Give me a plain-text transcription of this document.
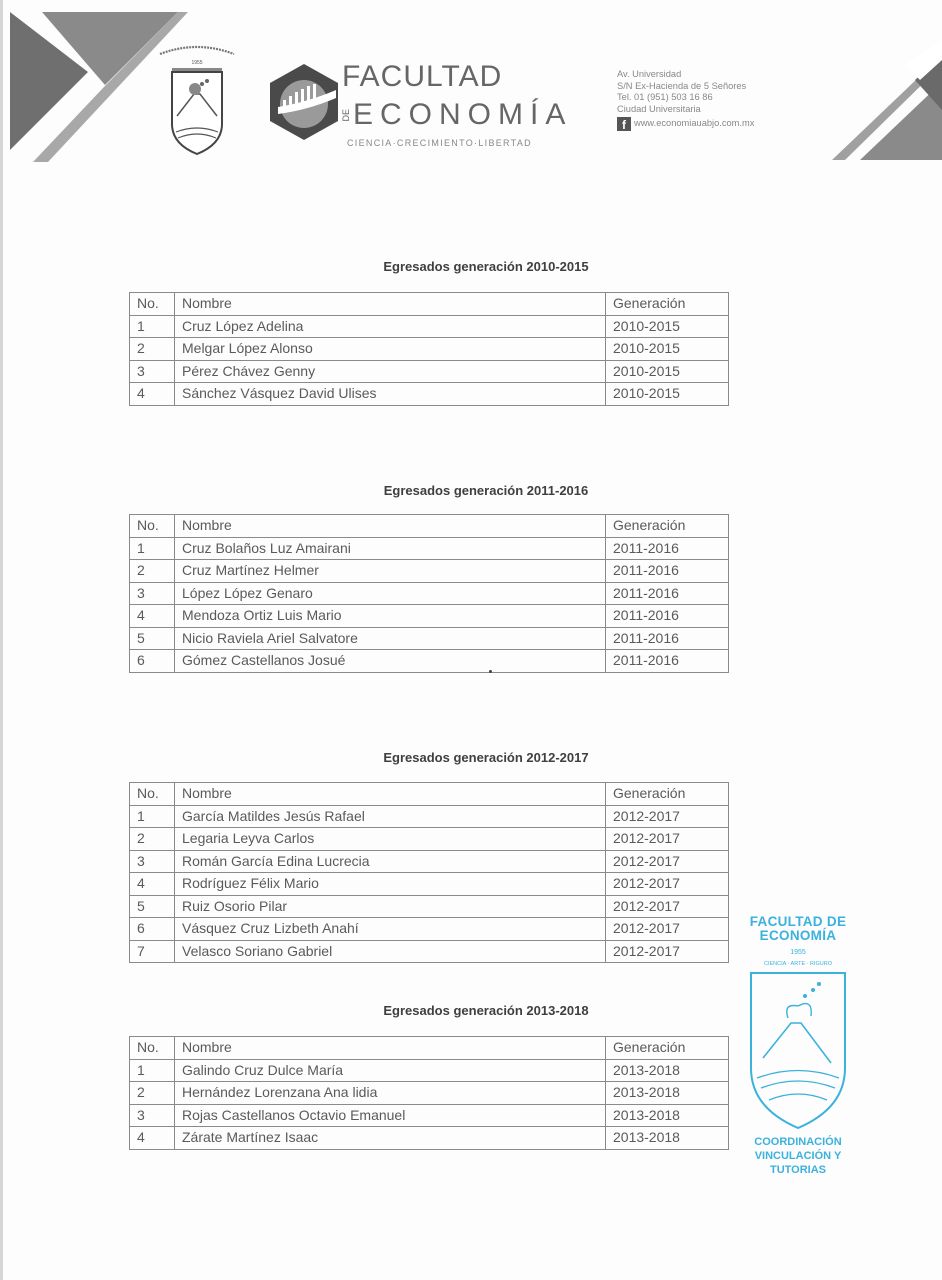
1955	FACULTAD
DE ECONOMÍA
CIENCIA·CRECIMIENTO·LIBERTAD
Av. Universidad
S/N Ex-Hacienda de 5 Señores
Tel. 01 (951) 503 16 86
Ciudad Universitaria
f www.economiauabjo.com.mx
Egresados generación 2010-2015
No.	Nombre	Generación
1	Cruz López Adelina	2010-2015
2	Melgar López Alonso	2010-2015
3	Pérez Chávez Genny	2010-2015
4	Sánchez Vásquez David Ulises	2010-2015
Egresados generación 2011-2016
No.	Nombre	Generación
1	Cruz Bolaños Luz Amairani	2011-2016
2	Cruz Martínez Helmer	2011-2016
3	López López Genaro	2011-2016
4	Mendoza Ortiz Luis Mario	2011-2016
5	Nicio Raviela Ariel Salvatore	2011-2016
6	Gómez Castellanos Josué	2011-2016
Egresados generación 2012-2017
No.	Nombre	Generación
1	García Matildes Jesús Rafael	2012-2017
2	Legaria Leyva Carlos	2012-2017
3	Román García Edina Lucrecia	2012-2017
4	Rodríguez Félix Mario	2012-2017
5	Ruiz Osorio Pilar	2012-2017
6	Vásquez Cruz Lizbeth Anahí	2012-2017
7	Velasco Soriano Gabriel	2012-2017
Egresados generación 2013-2018
No.	Nombre	Generación
1	Galindo Cruz Dulce María	2013-2018
2	Hernández Lorenzana Ana lidia	2013-2018
3	Rojas Castellanos Octavio Emanuel	2013-2018
4	Zárate Martínez Isaac	2013-2018
FACULTAD DE
ECONOMÍA
1955
CIENCIA · ARTE · RIGURO
COORDINACIÓN
VINCULACIÓN Y
TUTORIAS
